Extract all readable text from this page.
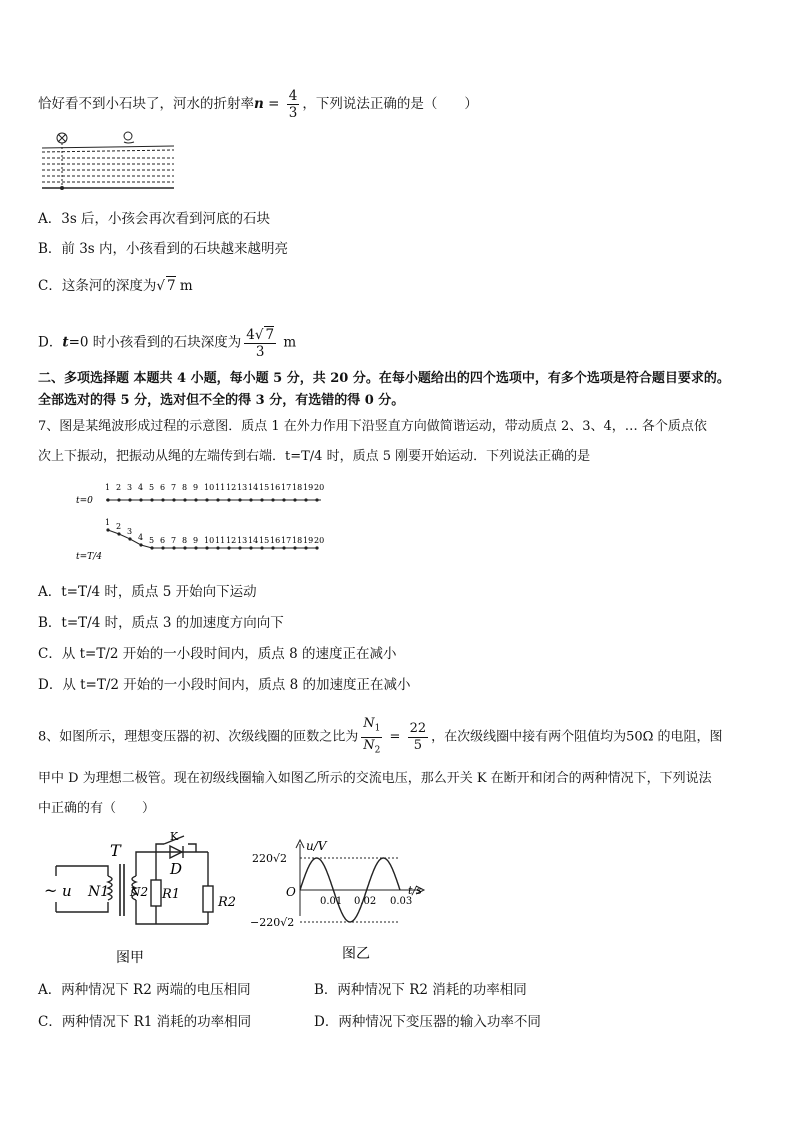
恰好看不到小石块了，河水的折射率$n = \frac{4}{3}$ ，下列说法正确的是（　　）
A．3s 后，小孩会再次看到河底的石块
B．前 3s 内，小孩看到的石块越来越明亮
C．这条河的深度为√ 7 m
D．t=0 时小孩看到的石块深度为 $\frac{4√ 7}{3}$ m
二、多项选择题 本题共 4 小题，每小题 5 分，共 20 分。在每小题给出的四个选项中，有多个选项是符合题目要求的。
全部选对的得 5 分，选对但不全的得 3 分，有选错的得 0 分。
7、图是某绳波形成过程的示意图．质点 1 在外力作用下沿竖直方向做简谐运动，带动质点 2、3、4，… 各个质点依
次上下振动，把振动从绳的左端传到右端．t=T/4 时，质点 5 刚要开始运动．下列说法正确的是
t=0
1 2 3 4 5 6 7 8 9 10 11 12 13 14 15 16 17 18 19 20
t=T/4
1 2
3
4 5 6 7 8 9 10 11 12 13 14 15 16 17 18 19 20
A．t=T/4 时，质点 5 开始向下运动
B．t=T/4 时，质点 3 的加速度方向向下
C．从 t=T/2 开始的一小段时间内，质点 8 的速度正在减小
D．从 t=T/2 开始的一小段时间内，质点 8 的加速度正在减小
8、如图所示，理想变压器的初、次级线圈的匝数之比为 $\frac{N_1}{N_2} = \frac{22}{5}$ ，在次级线圈中接有两个阻值均为50Ω 的电阻，图
甲中 D 为理想二极管。现在初级线圈输入如图乙所示的交流电压，那么开关 K 在断开和闭合的两种情况下，下列说法
中正确的有（　　）
~ u
T
K
D
N1 N2 R1
R2
图甲
u/V
t/s
O
220√2
−220√2
0.01 0.02 0.03
图乙
A．两种情况下 R2 两端的电压相同	B．两种情况下 R2 消耗的功率相同
C．两种情况下 R1 消耗的功率相同	D．两种情况下变压器的输入功率不同
